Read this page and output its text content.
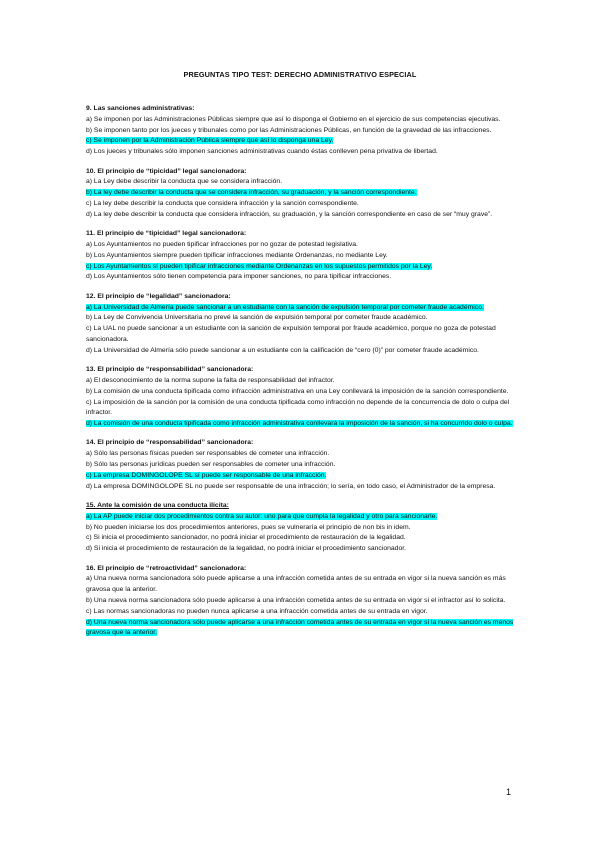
PREGUNTAS TIPO TEST: DERECHO ADMINISTRATIVO ESPECIAL

9. Las sanciones administrativas:

a) Se imponen por las Administraciones Públicas siempre que así lo disponga el Gobierno en el ejercicio de sus competencias ejecutivas.

b) Se imponen tanto por los jueces y tribunales como por las Administraciones Públicas, en función de la gravedad de las infracciones.

c) Se imponen por la Administración Pública siempre que así lo disponga una Ley.

d) Los jueces y tribunales sólo imponen sanciones administrativas cuando éstas conlleven pena privativa de libertad.

10. El principio de “tipicidad” legal sancionadora:

a) La Ley debe describir la conducta que se considera infracción.

b) La ley debe describir la conducta que se considera infracción, su graduación, y la sanción correspondiente.

c) La ley debe describir la conducta que considera infracción y la sanción correspondiente.

d) La ley debe describir la conducta que considera infracción, su graduación, y la sanción correspondiente en caso de ser “muy grave”.

11. El principio de “tipicidad” legal sancionadora:

a) Los Ayuntamientos no pueden tipificar infracciones por no gozar de potestad legislativa.

b) Los Ayuntamientos siempre pueden tipificar infracciones mediante Ordenanzas, no mediante Ley.

c) Los Ayuntamientos sí pueden tipificar infracciones mediante Ordenanzas en los supuestos permitidos por la Ley.

d) Los Ayuntamientos sólo tienen competencia para imponer sanciones, no para tipificar infracciones.

12. El principio de “legalidad” sancionadora:

a) La Universidad de Almería puede sancionar a un estudiante con la sanción de expulsión temporal por cometer fraude académico.

b) La Ley de Convivencia Universitaria no prevé la sanción de expulsión temporal por cometer fraude académico.

c) La UAL no puede sancionar a un estudiante con la sanción de expulsión temporal por fraude académico, porque no goza de potestad sancionadora.

d) La Universidad de Almería sólo puede sancionar a un estudiante con la calificación de “cero (0)” por cometer fraude académico.

13. El principio de “responsabilidad” sancionadora:

a) El desconocimiento de la norma supone la falta de responsabilidad del infractor.

b) La comisión de una conducta tipificada como infracción administrativa en una Ley conllevará la imposición de la sanción correspondiente.

c) La imposición de la sanción por la comisión de una conducta tipificada como infracción no depende de la concurrencia de dolo o culpa del infractor.

d) La comisión de una conducta tipificada como infracción administrativa conllevará la imposición de la sanción, si ha concurrido dolo o culpa.

14. El principio de “responsabilidad” sancionadora:

a) Sólo las personas físicas pueden ser responsables de cometer una infracción.

b) Sólo las personas jurídicas pueden ser responsables de cometer una infracción.

c) La empresa DOMINGOLOPE SL sí puede ser responsable de una infracción.

d) La empresa DOMINGOLOPE SL no puede ser responsable de una infracción; lo sería, en todo caso, el Administrador de la empresa.

15. Ante la comisión de una conducta ilícita:

a) La AP puede iniciar dos procedimientos contra su autor: uno para que cumpla la legalidad y otro para sancionarle.

b) No pueden iniciarse los dos procedimientos anteriores, pues se vulneraría el principio de non bis in idem.

c) Si inicia el procedimiento sancionador, no podrá iniciar el procedimiento de restauración de la legalidad.

d) Si inicia el procedimiento de restauración de la legalidad, no podrá iniciar el procedimiento sancionador.

16. El principio de “retroactividad” sancionadora:

a) Una nueva norma sancionadora sólo puede aplicarse a una infracción cometida antes de su entrada en vigor si la nueva sanción es más gravosa que la anterior.

b) Una nueva norma sancionadora sólo puede aplicarse a una infracción cometida antes de su entrada en vigor si el infractor así lo solicita.

c) Las normas sancionadoras no pueden nunca aplicarse a una infracción cometida antes de su entrada en vigor.

d) Una nueva norma sancionadora sólo puede aplicarse a una infracción cometida antes de su entrada en vigor si la nueva sanción es menos gravosa que la anterior.

1
